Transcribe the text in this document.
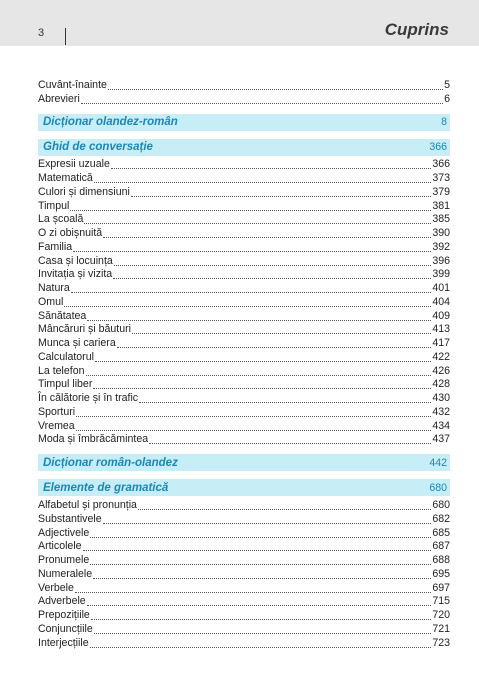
3	Cuprins
Cuvânt-înainte	5
Abrevieri	6
Dicționar olandez-român	8
Ghid de conversație	366
Expresii uzuale	366
Matematică	373
Culori și dimensiuni	379
Timpul	381
La școală	385
O zi obișnuită	390
Familia	392
Casa și locuința	396
Invitația și vizita	399
Natura	401
Omul	404
Sănătatea	409
Mâncăruri și băuturi	413
Munca și cariera	417
Calculatorul	422
La telefon	426
Timpul liber	428
În călătorie și în trafic	430
Sporturi	432
Vremea	434
Moda și îmbrăcămintea	437
Dicționar român-olandez	442
Elemente de gramatică	680
Alfabetul și pronunția	680
Substantivele	682
Adjectivele	685
Articolele	687
Pronumele	688
Numeralele	695
Verbele	697
Adverbele	715
Prepozițiile	720
Conjuncțiile	721
Interjecțiile	723
